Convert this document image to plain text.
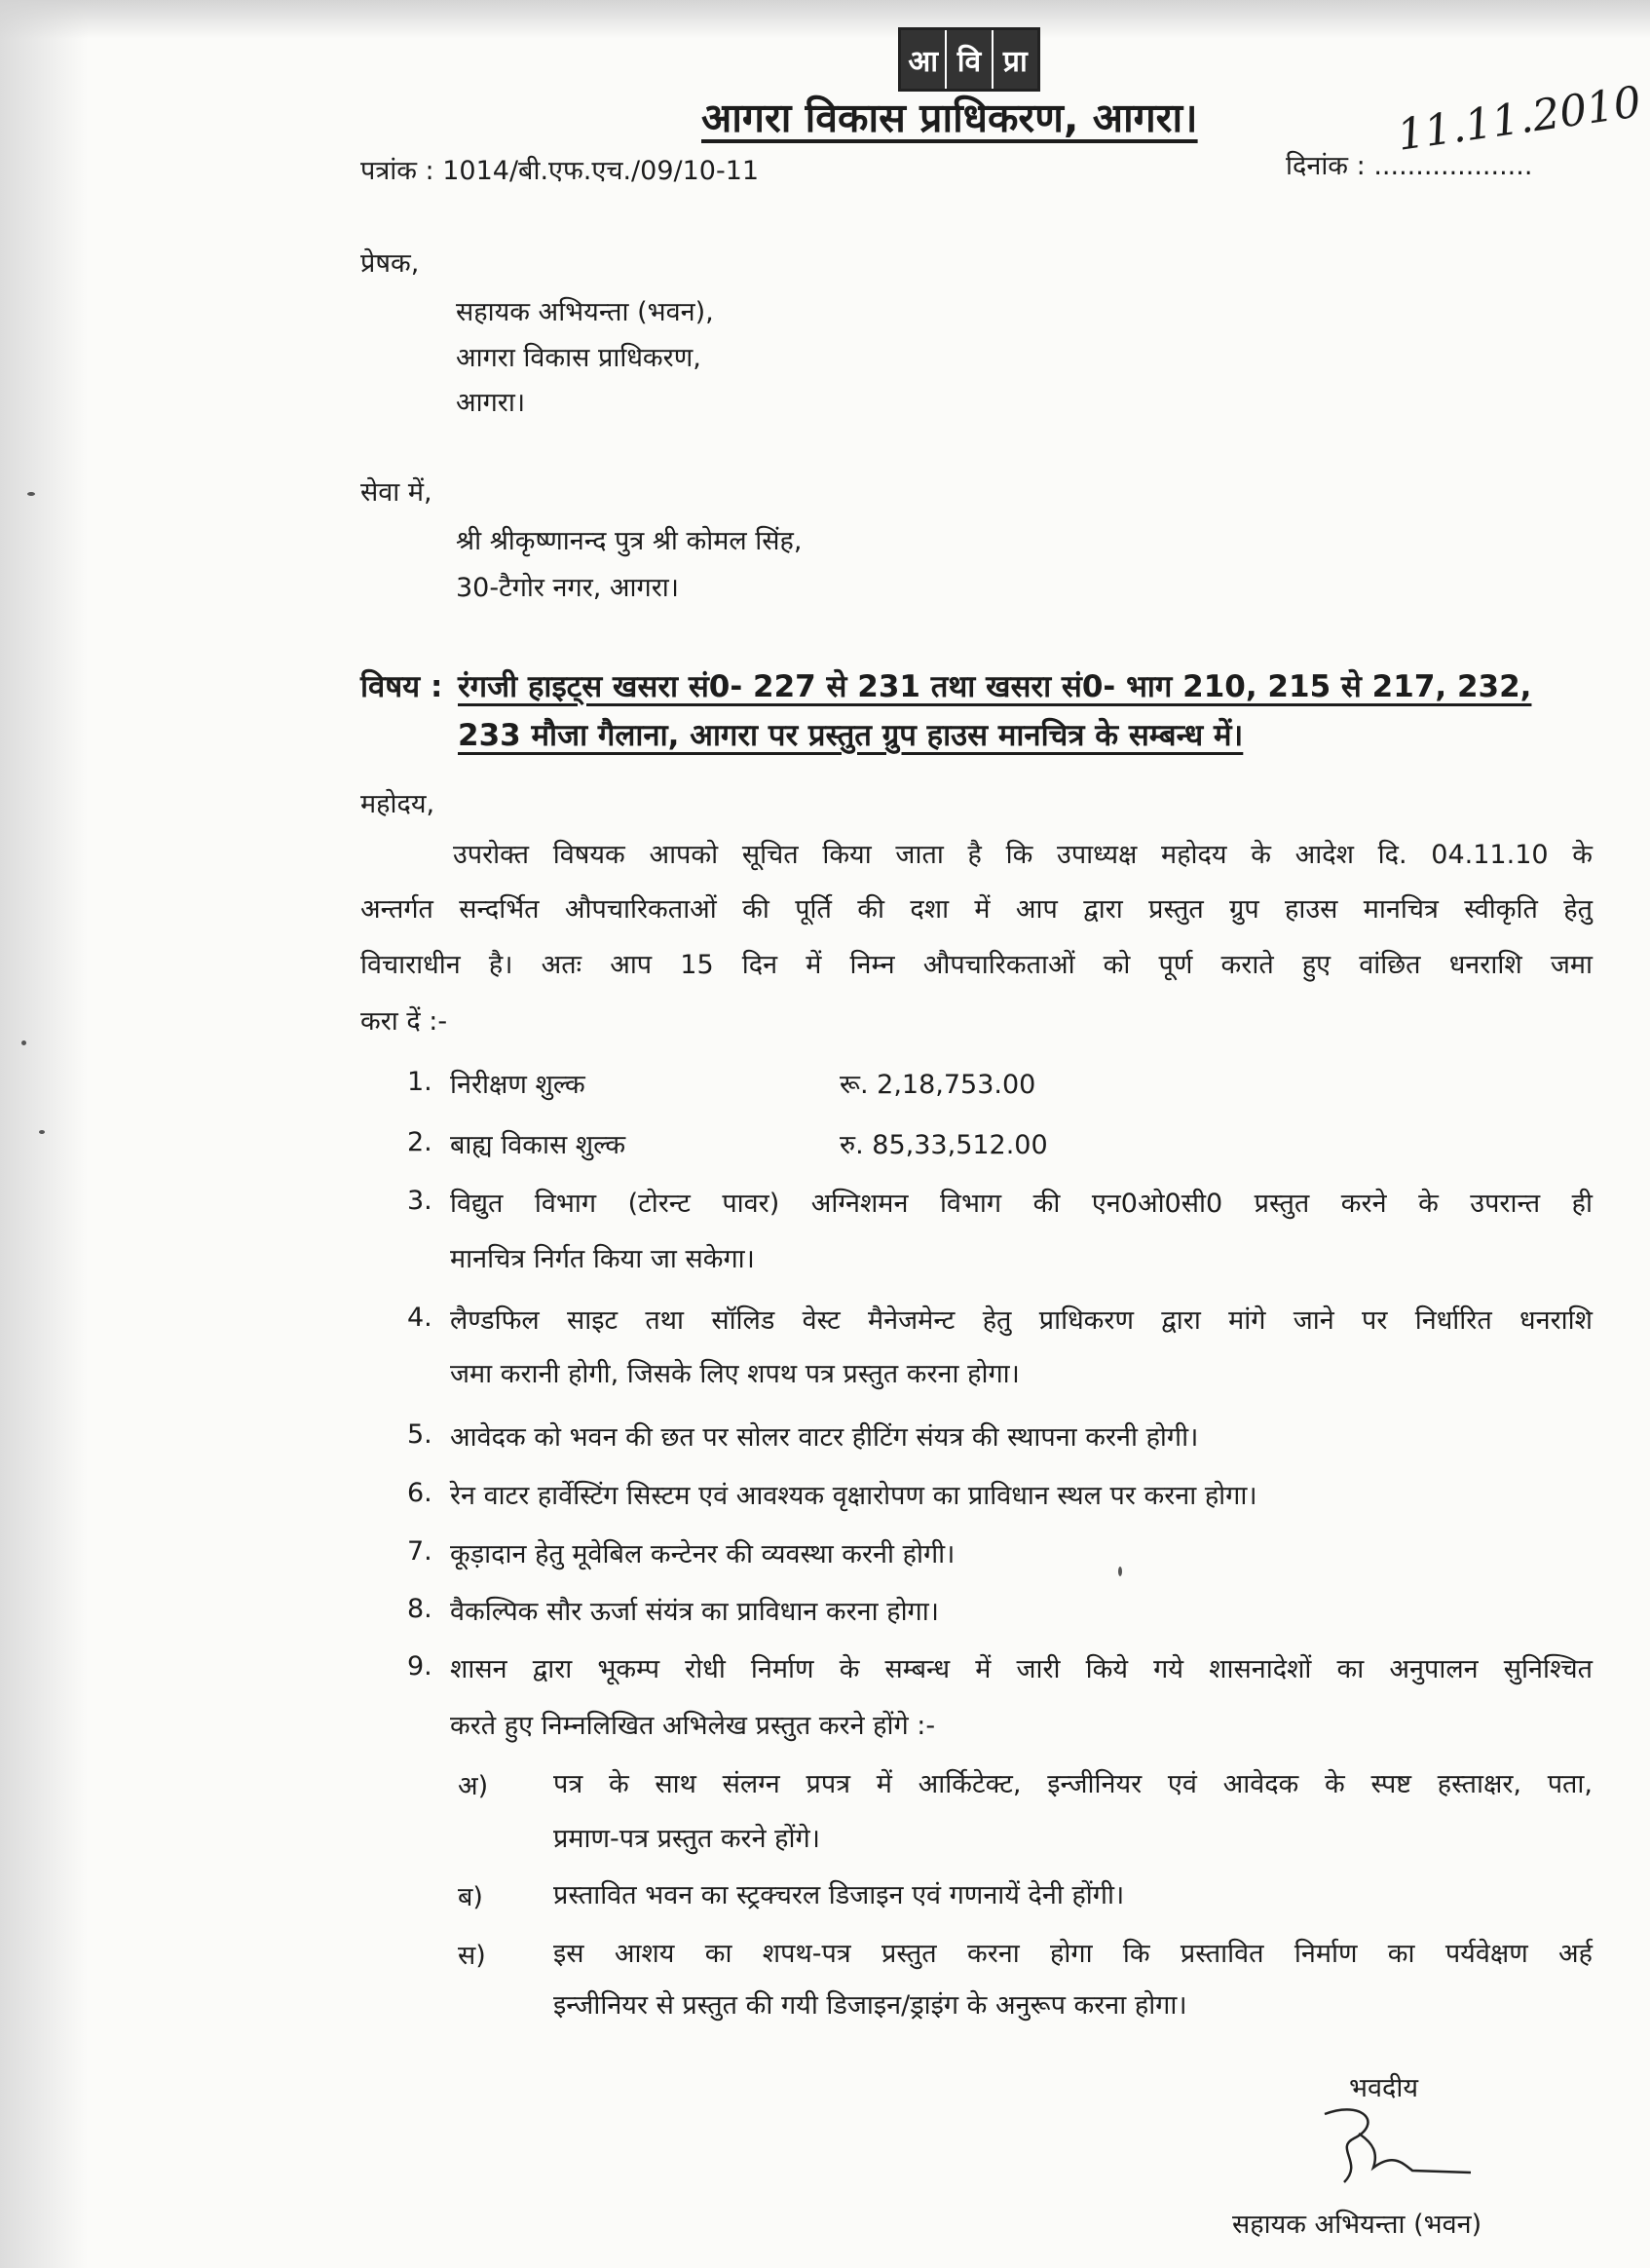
आ वि प्रा
आगरा विकास प्राधिकरण, आगरा।
पत्रांक : 1014/बी.एफ.एच./09/10-11	दिनांक : ...................
11.11.2010
प्रेषक,
सहायक अभियन्ता (भवन),
आगरा विकास प्राधिकरण,
आगरा।
सेवा में,
श्री श्रीकृष्णानन्द पुत्र श्री कोमल सिंह,
30-टैगोर नगर, आगरा।
विषय : रंगजी हाइट्स खसरा सं0- 227 से 231 तथा खसरा सं0- भाग 210, 215 से 217, 232,
233 मौजा गैलाना, आगरा पर प्रस्तुत ग्रुप हाउस मानचित्र के सम्बन्ध में।
महोदय,
उपरोक्त विषयक आपको सूचित किया जाता है कि उपाध्यक्ष महोदय के आदेश दि. 04.11.10 के
अन्तर्गत सन्दर्भित औपचारिकताओं की पूर्ति की दशा में आप द्वारा प्रस्तुत ग्रुप हाउस मानचित्र स्वीकृति हेतु
विचाराधीन है। अतः आप 15 दिन में निम्न औपचारिकताओं को पूर्ण कराते हुए वांछित धनराशि जमा
करा दें :-
1. निरीक्षण शुल्क	रू. 2,18,753.00
2. बाह्य विकास शुल्क	रु. 85,33,512.00
3. विद्युत विभाग (टोरन्ट पावर) अग्निशमन विभाग की एन0ओ0सी0 प्रस्तुत करने के उपरान्त ही
मानचित्र निर्गत किया जा सकेगा।
4. लैण्डफिल साइट तथा सॉलिड वेस्ट मैनेजमेन्ट हेतु प्राधिकरण द्वारा मांगे जाने पर निर्धारित धनराशि
जमा करानी होगी, जिसके लिए शपथ पत्र प्रस्तुत करना होगा।
5. आवेदक को भवन की छत पर सोलर वाटर हीटिंग संयत्र की स्थापना करनी होगी।
6. रेन वाटर हार्वेस्टिंग सिस्टम एवं आवश्यक वृक्षारोपण का प्राविधान स्थल पर करना होगा।
7. कूड़ादान हेतु मूवेबिल कन्टेनर की व्यवस्था करनी होगी।
8. वैकल्पिक सौर ऊर्जा संयंत्र का प्राविधान करना होगा।
9. शासन द्वारा भूकम्प रोधी निर्माण के सम्बन्ध में जारी किये गये शासनादेशों का अनुपालन सुनिश्चित
करते हुए निम्नलिखित अभिलेख प्रस्तुत करने होंगे :-
अ) पत्र के साथ संलग्न प्रपत्र में आर्किटेक्ट, इन्जीनियर एवं आवेदक के स्पष्ट हस्ताक्षर, पता,
प्रमाण-पत्र प्रस्तुत करने होंगे।
ब)	प्रस्तावित भवन का स्ट्रक्चरल डिजाइन एवं गणनायें देनी होंगी।
स)	इस आशय का शपथ-पत्र प्रस्तुत करना होगा कि प्रस्तावित निर्माण का पर्यवेक्षण अर्ह
इन्जीनियर से प्रस्तुत की गयी डिजाइन/ड्राइंग के अनुरूप करना होगा।
भवदीय
सहायक अभियन्ता (भवन)
